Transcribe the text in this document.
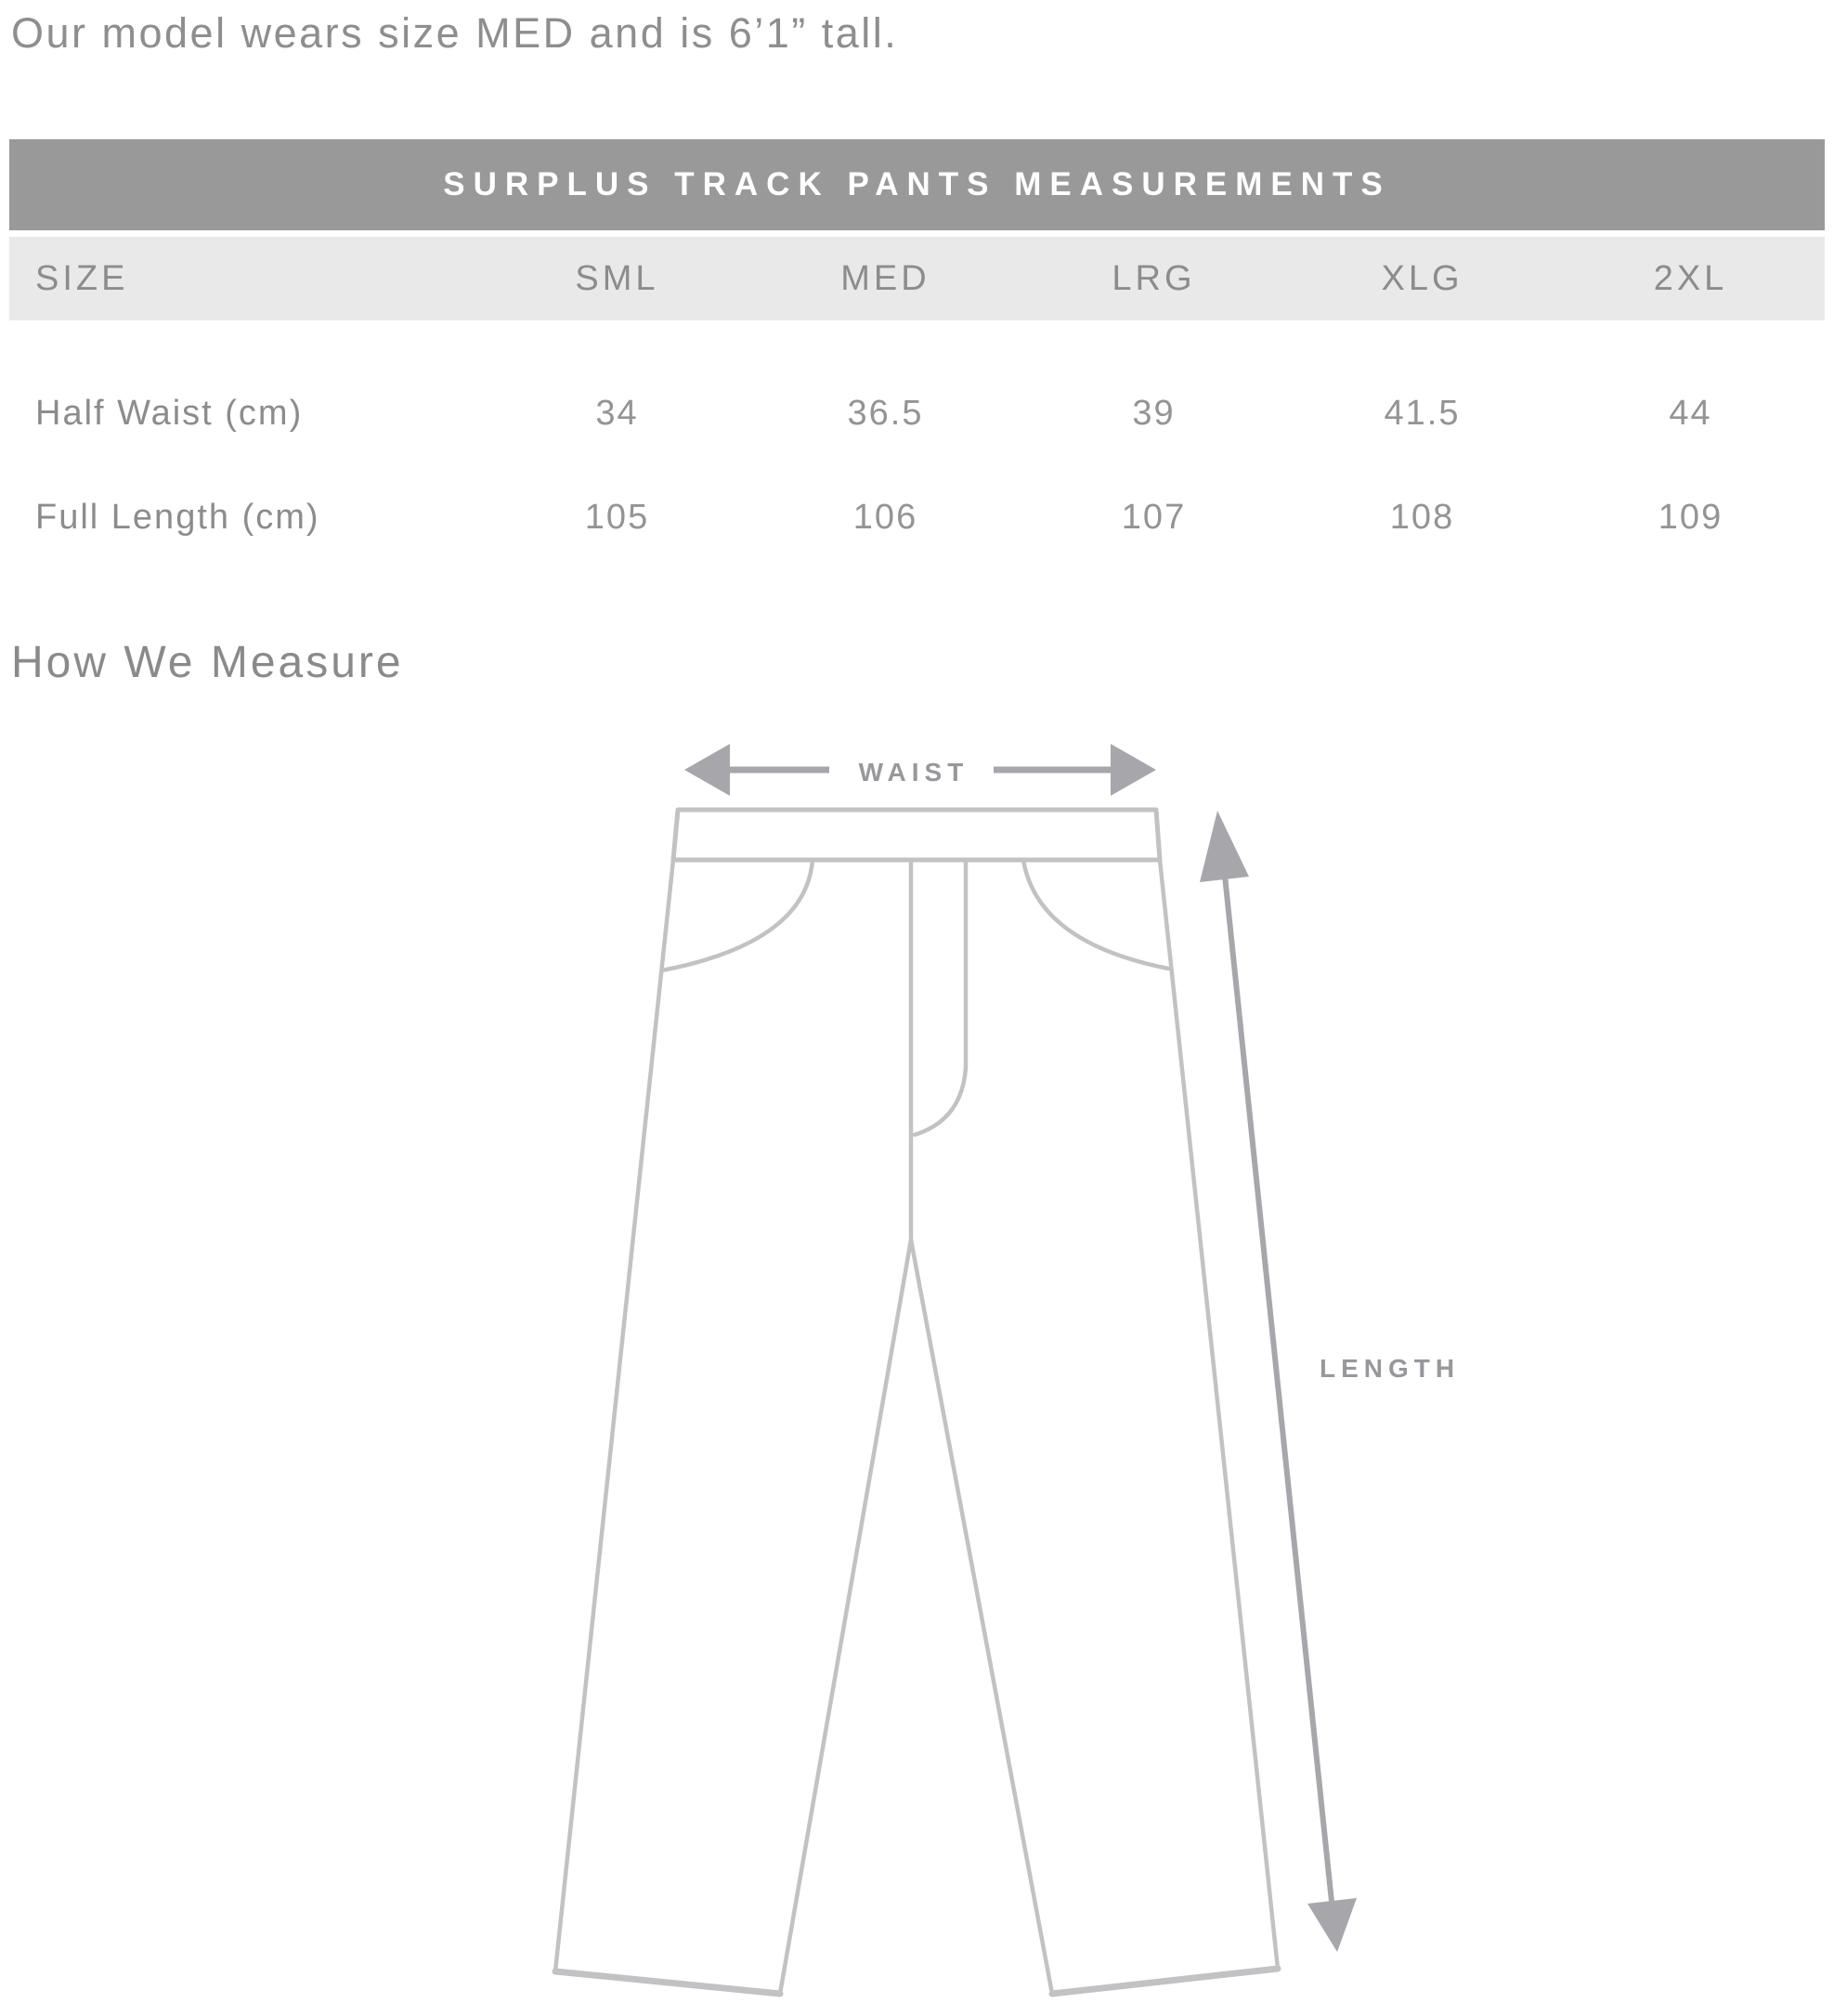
Our model wears size MED and is 6’1” tall.
SURPLUS TRACK PANTS MEASUREMENTS
SIZE	SML	MED	LRG	XLG	2XL
Half Waist (cm)	34	36.5	39	41.5	44
Full Length (cm)	105	106	107	108	109
How We Measure
WAIST
LENGTH
